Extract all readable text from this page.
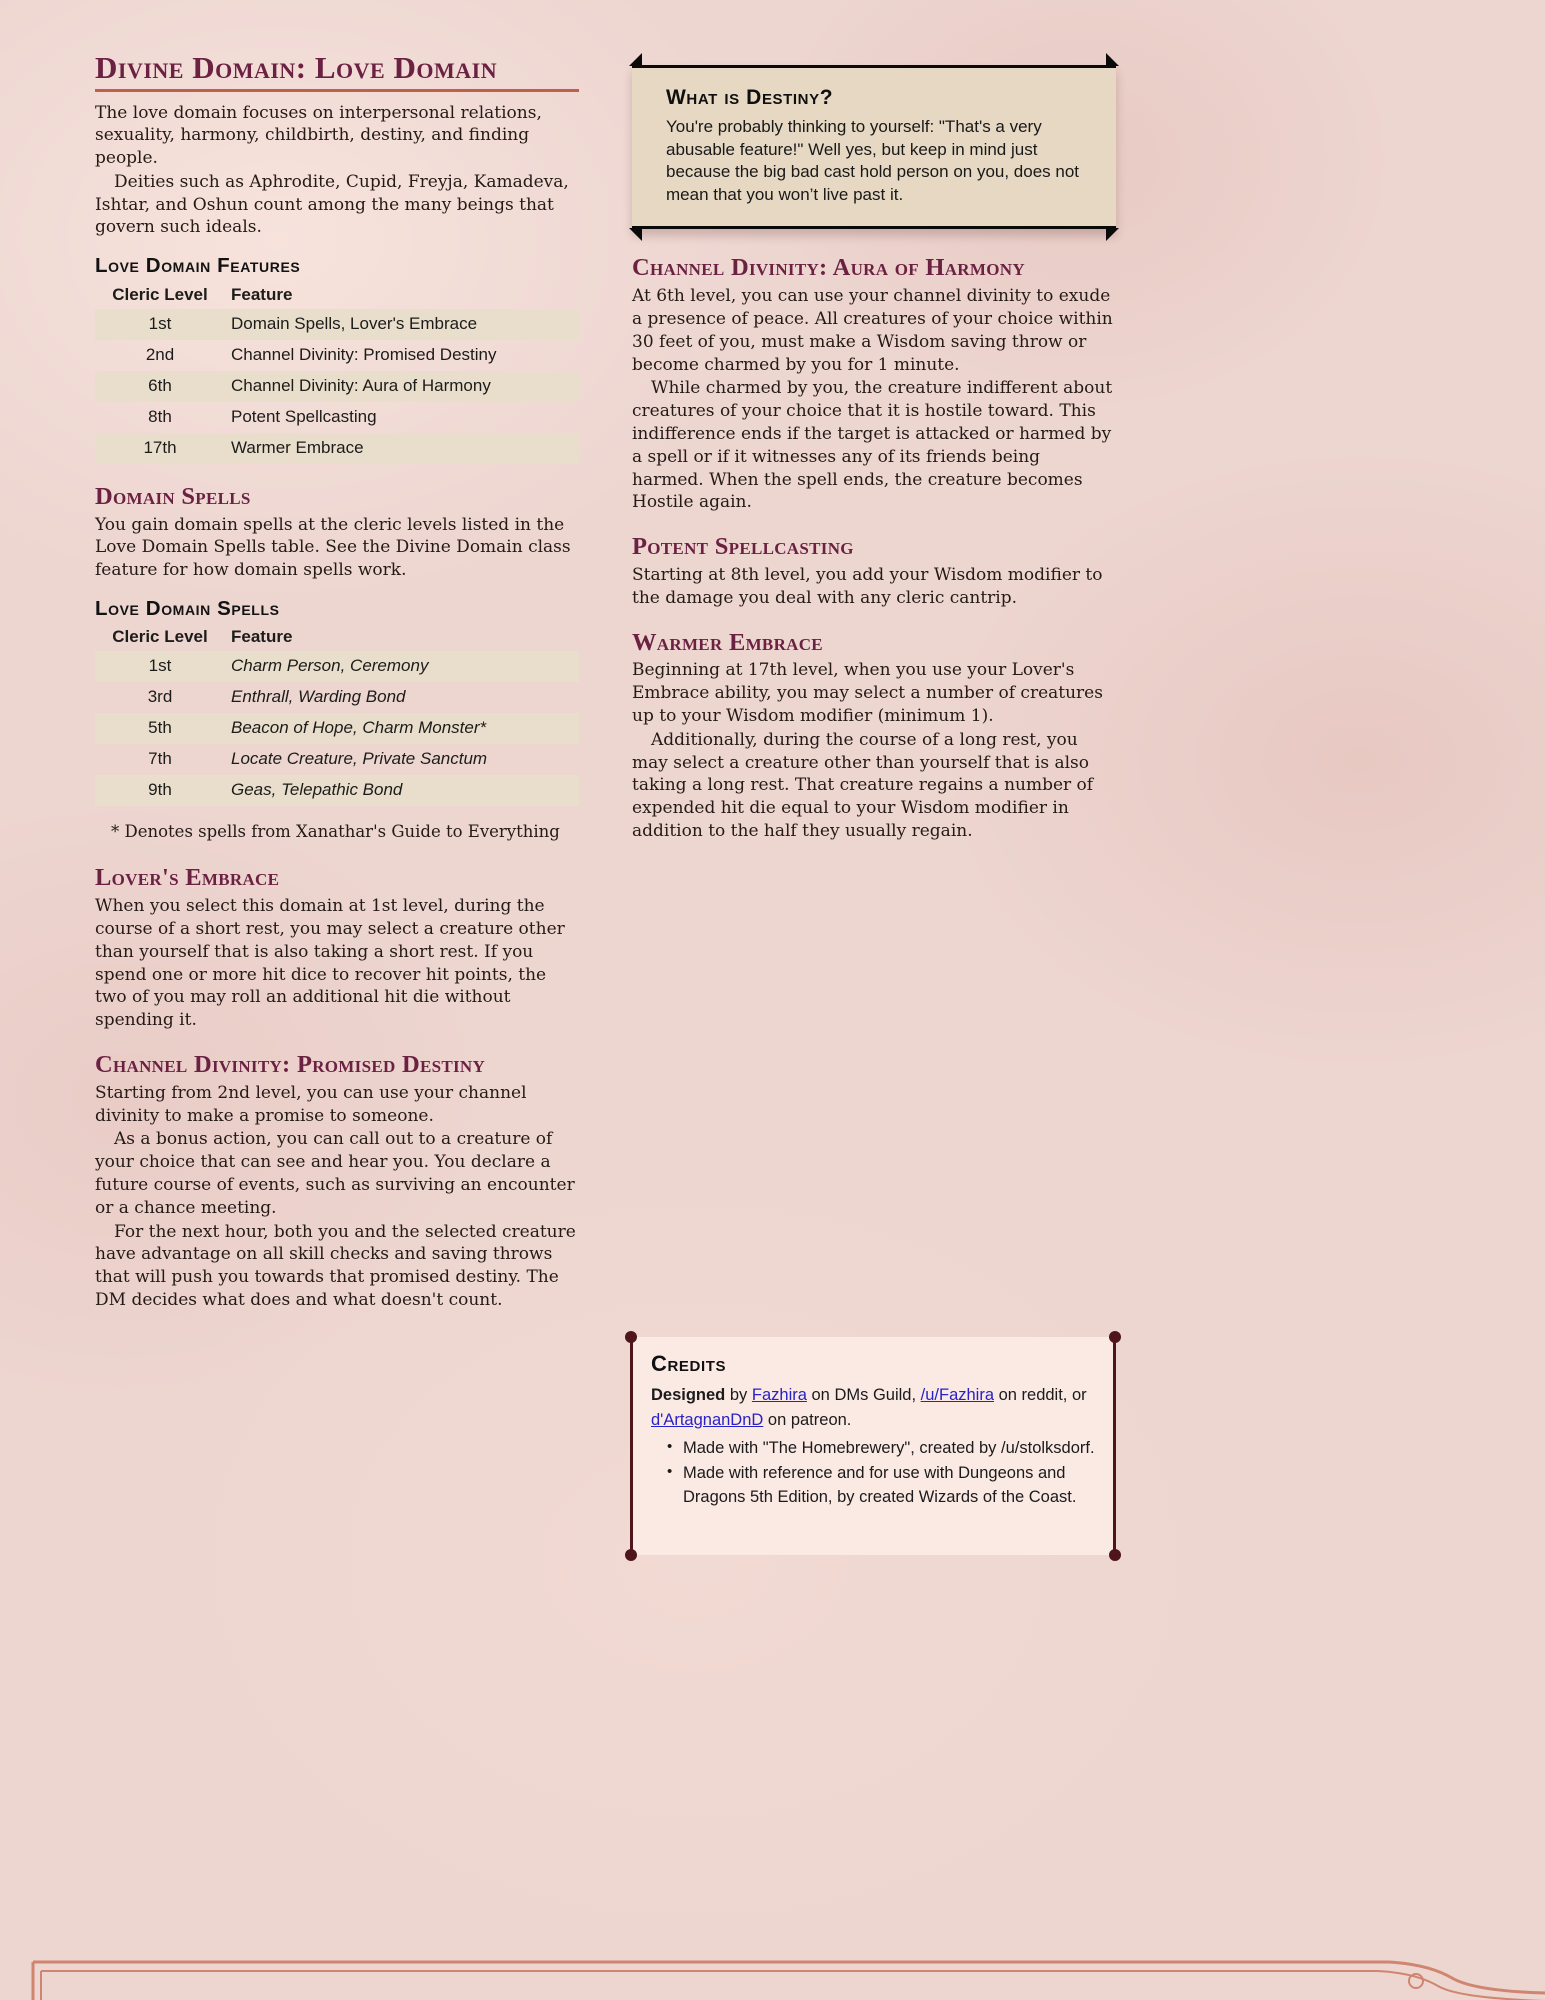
Divine Domain: Love Domain

The love domain focuses on interpersonal relations, sexuality, harmony, childbirth, destiny, and finding people.

Deities such as Aphrodite, Cupid, Freyja, Kamadeva, Ishtar, and Oshun count among the many beings that govern such ideals.

Love Domain Features
Cleric Level	Feature
1st	Domain Spells, Lover's Embrace
2nd	Channel Divinity: Promised Destiny
6th	Channel Divinity: Aura of Harmony
8th	Potent Spellcasting
17th	Warmer Embrace
Domain Spells

You gain domain spells at the cleric levels listed in the Love Domain Spells table. See the Divine Domain class feature for how domain spells work.

Love Domain Spells
Cleric Level	Feature
1st	Charm Person, Ceremony
3rd	Enthrall, Warding Bond
5th	Beacon of Hope, Charm Monster*
7th	Locate Creature, Private Sanctum
9th	Geas, Telepathic Bond

* Denotes spells from Xanathar's Guide to Everything

Lover's Embrace

When you select this domain at 1st level, during the course of a short rest, you may select a creature other than yourself that is also taking a short rest. If you spend one or more hit dice to recover hit points, the two of you may roll an additional hit die without spending it.

Channel Divinity: Promised Destiny

Starting from 2nd level, you can use your channel divinity to make a promise to someone.

As a bonus action, you can call out to a creature of your choice that can see and hear you. You declare a future course of events, such as surviving an encounter or a chance meeting.

For the next hour, both you and the selected creature have advantage on all skill checks and saving throws that will push you towards that promised destiny. The DM decides what does and what doesn't count.

What is Destiny?

You're probably thinking to yourself: "That's a very abusable feature!" Well yes, but keep in mind just because the big bad cast hold person on you, does not mean that you won’t live past it.

Channel Divinity: Aura of Harmony

At 6th level, you can use your channel divinity to exude a presence of peace. All creatures of your choice within 30 feet of you, must make a Wisdom saving throw or become charmed by you for 1 minute.

While charmed by you, the creature indifferent about creatures of your choice that it is hostile toward. This indifference ends if the target is attacked or harmed by a spell or if it witnesses any of its friends being harmed. When the spell ends, the creature becomes Hostile again.

Potent Spellcasting

Starting at 8th level, you add your Wisdom modifier to the damage you deal with any cleric cantrip.

Warmer Embrace

Beginning at 17th level, when you use your Lover's Embrace ability, you may select a number of creatures up to your Wisdom modifier (minimum 1).

Additionally, during the course of a long rest, you may select a creature other than yourself that is also taking a long rest. That creature regains a number of expended hit die equal to your Wisdom modifier in addition to the half they usually regain.

Credits

Designed by Fazhira on DMs Guild, /u/Fazhira on reddit, or d'ArtagnanDnD on patreon.

• Made with "The Homebrewery", created by /u/stolksdorf.
• Made with reference and for use with Dungeons and Dragons 5th Edition, by created Wizards of the Coast.
